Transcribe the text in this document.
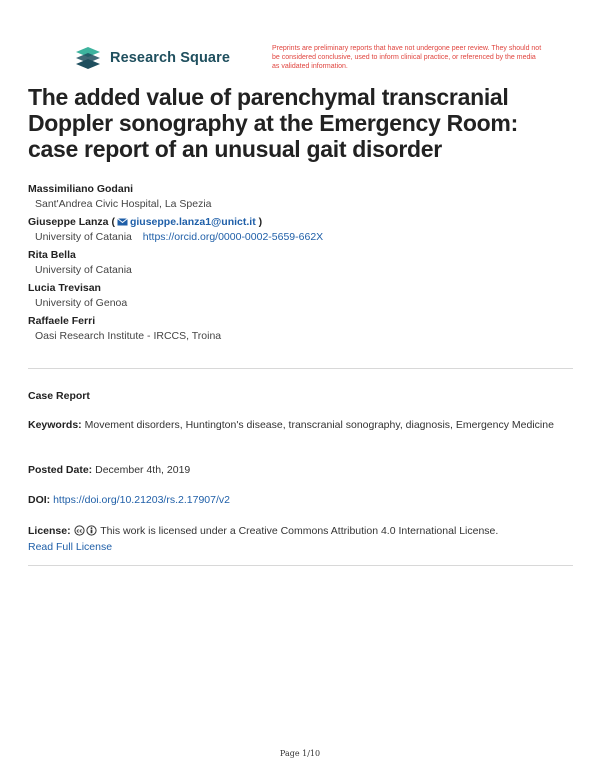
Research Square
Preprints are preliminary reports that have not undergone peer review. They should not be considered conclusive, used to inform clinical practice, or referenced by the media as validated information.
The added value of parenchymal transcranial Doppler sonography at the Emergency Room: case report of an unusual gait disorder
Massimiliano Godani
Sant'Andrea Civic Hospital, La Spezia
Giuseppe Lanza ( giuseppe.lanza1@unict.it )
University of Catania https://orcid.org/0000-0002-5659-662X
Rita Bella
University of Catania
Lucia Trevisan
University of Genoa
Raffaele Ferri
Oasi Research Institute - IRCCS, Troina
Case Report
Keywords: Movement disorders, Huntington's disease, transcranial sonography, diagnosis, Emergency Medicine
Posted Date: December 4th, 2019
DOI: https://doi.org/10.21203/rs.2.17907/v2
License: cc This work is licensed under a Creative Commons Attribution 4.0 International License.
Read Full License
Page 1/10
